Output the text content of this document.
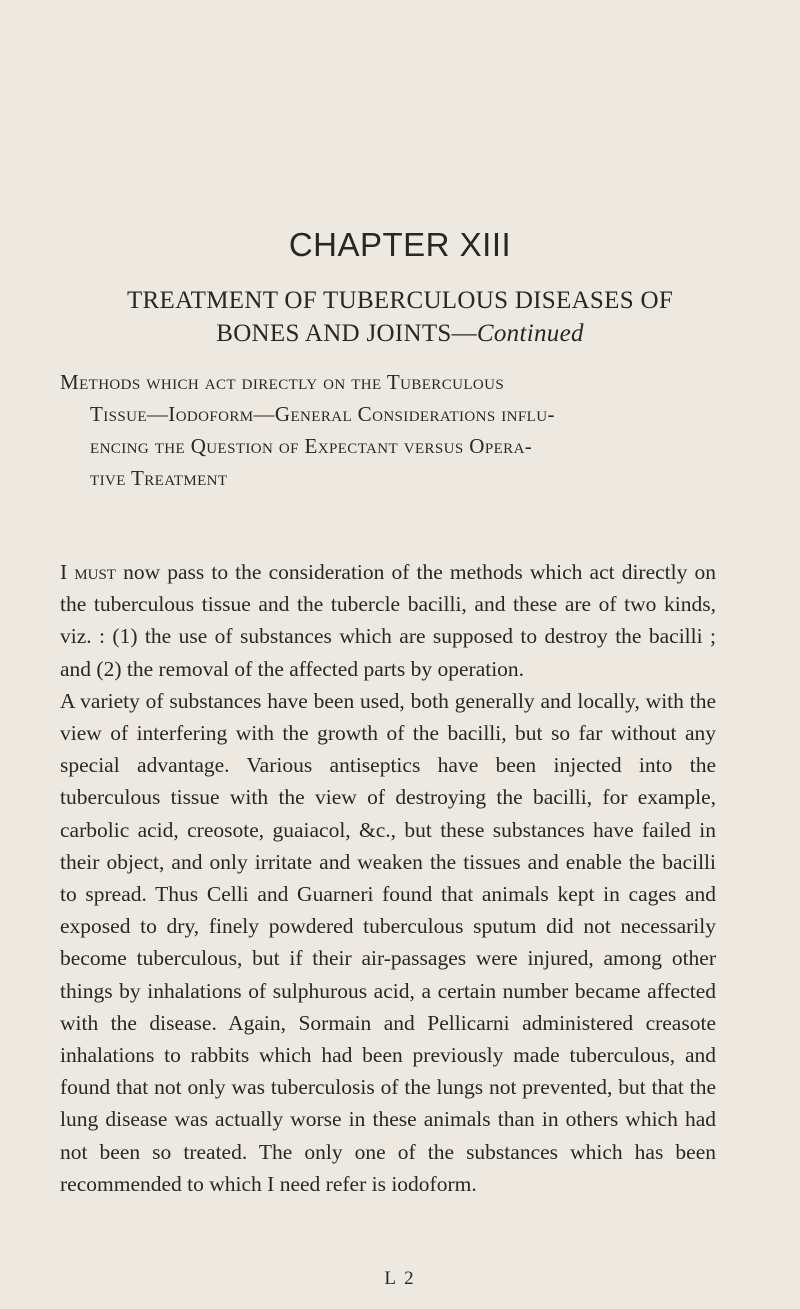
CHAPTER XIII
TREATMENT OF TUBERCULOUS DISEASES OF
BONES AND JOINTS—Continued
Methods which act directly on the Tuberculous
Tissue—Iodoform—General Considerations influ-
encing the Question of Expectant versus Opera-
tive Treatment

I must now pass to the consideration of the methods which act directly on the tuberculous tissue and the tubercle bacilli, and these are of two kinds, viz. : (1) the use of substances which are supposed to destroy the bacilli ; and (2) the removal of the affected parts by operation.

A variety of substances have been used, both generally and locally, with the view of interfering with the growth of the bacilli, but so far without any special advantage. Various antiseptics have been injected into the tuberculous tissue with the view of destroying the bacilli, for example, carbolic acid, creosote, guaiacol, &c., but these substances have failed in their object, and only irritate and weaken the tissues and enable the bacilli to spread. Thus Celli and Guarneri found that animals kept in cages and exposed to dry, finely powdered tuberculous sputum did not necessarily become tuberculous, but if their air-passages were injured, among other things by inhalations of sulphurous acid, a certain number became affected with the disease. Again, Sormain and Pellicarni administered creasote inhalations to rabbits which had been previously made tuberculous, and found that not only was tuberculosis of the lungs not prevented, but that the lung disease was actually worse in these animals than in others which had not been so treated. The only one of the substances which has been recommended to which I need refer is iodoform.

L 2
